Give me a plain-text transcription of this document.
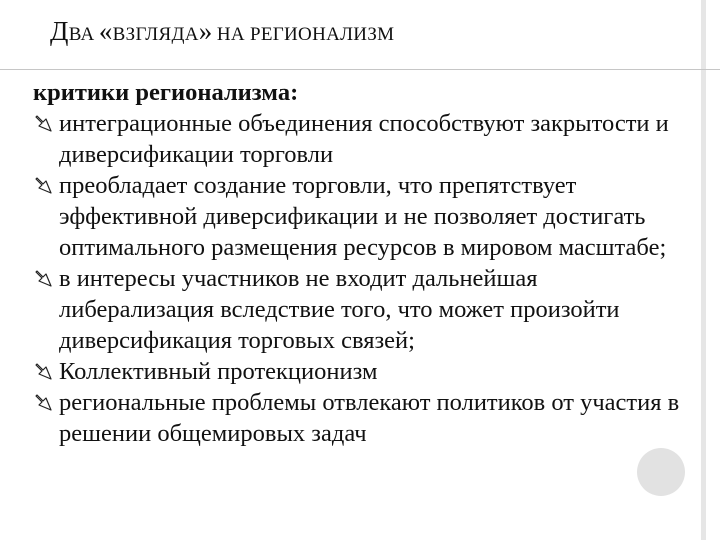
ДВА «ВЗГЛЯДА» НА РЕГИОНАЛИЗМ

критики регионализма:

интеграционные объединения способствуют закрытости и диверсификации торговли
преобладает создание торговли, что препятствует эффективной диверсификации и не позволяет достигать оптимального размещения ресурсов в мировом масштабе;
в интересы участников не входит дальнейшая либерализация вследствие того, что может произойти диверсификация торговых связей;
Коллективный протекционизм
региональные проблемы отвлекают политиков от участия в решении общемировых задач
